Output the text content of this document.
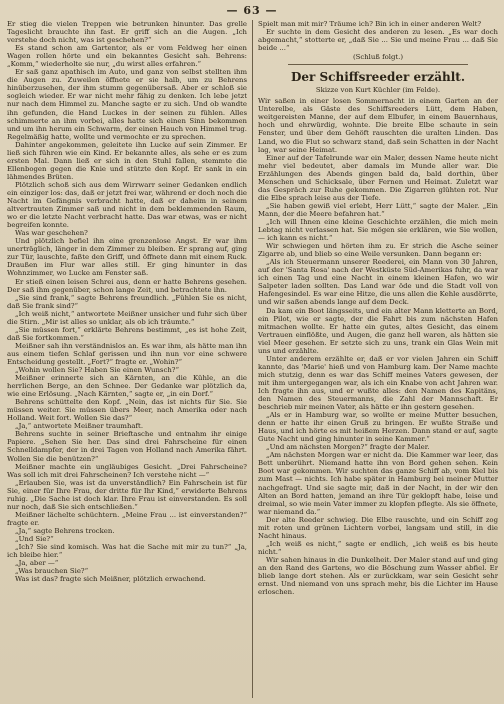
— 63 —

Er stieg die vielen Treppen wie betrunken hinunter. Das grelle Tageslicht brauchte ihn fast. Er griff sich an die Augen. „Ich verstehe doch nicht, was ist geschehen?“

Es stand schon am Gartentor, als er vom Feldweg her einen Wagen rollen hörte und ein bekanntes Gesicht sah. Behrens: „Komm,“ wiederholte sie nur, „du wirst alles erfahren.“

Er saß ganz apathisch im Auto, und ganz von selbst stellten ihm die Augen zu. Zuweilen öffnete er sie halb, um zu Behrens hinüberzusehen, der ihm stumm gegenübersaß. Aber er schloß sie sogleich wieder. Er war nicht mehr fähig zu denken. Ich lebe jetzt nur nach dem Himmel zu. Manche sagte er zu sich. Und ob wandte ihn gefunden, die Hand Luckes in der seinen zu fühlen. Alles schimmerte an ihm vorbei, alles hatte sich einen Sinn bekommen und um ihn herum ein Schwarm, der einen Hauch von Himmel trug. Regelmäßig hatte, wollte und vermochte er zu sprechen.

Dahinter angekommen, geleitete ihn Lucke auf sein Zimmer. Er ließ sich führen wie ein Kind. Er bekannte alles, als sehe er es zum ersten Mal. Dann ließ er sich in den Stuhl fallen, stemmte die Ellenbogen gegen die Knie und stützte den Kopf. Er sank in ein lähmendes Brüten.

Plötzlich schoß sich aus dem Wirrwarr seiner Gedanken endlich ein einziger los: das, daß er jetzt frei war, während er doch noch die Nacht im Gefängnis verbracht hatte, daß er daheim in seinem altvertrauten Zimmer saß und nicht in dem beklemmenden Raum, wo er die letzte Nacht verbracht hatte. Das war etwas, was er nicht begreifen konnte.

Was war geschehen?

Und plötzlich befiel ihn eine grenzenlose Angst. Er war ihm unerträglich, länger in dem Zimmer zu bleiben. Er sprang auf, ging zur Tür, lauschte, faßte den Griff, und öffnete dann mit einem Ruck. Draußen im Flur war alles still. Er ging hinunter in das Wohnzimmer, wo Lucke am Fenster saß.

Er stieß einen leisen Schrei aus, denn er hatte Behrens gesehen. Der saß ihm gegenüber, schon lange Zeit, und betrachtete ihn.

„Sie sind frank,“ sagte Behrens freundlich. „Fühlen Sie es nicht, daß Sie frank sind?“

„Ich weiß nicht,“ antwortete Meißner unsicher und fuhr sich über die Stirn. „Mir ist alles so unklar, als ob ich träumte.“

„Sie müssen fort,“ erklärte Behrens bestimmt, „es ist hohe Zeit, daß Sie fortkommen.“

Meißner sah ihn verständnislos an. Es war ihm, als hätte man ihn aus einem tiefen Schlaf gerissen und ihn nun vor eine schwere Entscheidung gestellt. „Fort?“ fragte er. „Wohin?“

„Wohin wollen Sie? Haben Sie einen Wunsch?“

Meißner erinnerte sich an Kärnten, an die Kühle, an die herrlichen Berge, an den Schnee. Der Gedanke war plötzlich da, wie eine Erlösung. „Nach Kärnten,“ sagte er, „in ein Dorf.“

Behrens schüttelte den Kopf. „Nein, das ist nichts für Sie. Sie müssen weiter. Sie müssen übers Meer, nach Amerika oder nach Holland. Weit fort. Wollen Sie das?“

„Ja,“ antwortete Meißner traumhaft.

Behrens suchte in seiner Brieftasche und entnahm ihr einige Papiere. „Sehen Sie her. Das sind drei Fahrscheine für einen Schnelldampfer, der in drei Tagen von Holland nach Amerika fährt. Wollen Sie die benützen?“

Meißner machte ein ungläubiges Gesicht. „Drei Fahrscheine? Was soll ich mit drei Fahrscheinen? Ich verstehe nicht —“

„Erlauben Sie, was ist da unverständlich? Ein Fahrschein ist für Sie, einer für Ihre Frau, der dritte für Ihr Kind,“ erwiderte Behrens ruhig. „Die Sache ist doch klar. Ihre Frau ist einverstanden. Es soll nur noch, daß Sie sich entschließen.“

Meißner lächelte schüchtern. „Meine Frau ... ist einverstanden?“ fragte er.

„Ja,“ sagte Behrens trocken.

„Und Sie?“

„Ich? Sie sind komisch. Was hat die Sache mit mir zu tun?“ „Ja, ich bleibe hier.“

„Ja, aber —“

„Was brauchen Sie?“

Was ist das? fragte sich Meißner, plötzlich erwachend.

Spielt man mit mir? Träume ich? Bin ich in einer anderen Welt?

Er suchte in dem Gesicht des anderen zu lesen. „Es war doch abgemacht,“ stotterte er, „daß Sie ... Sie und meine Frau ... daß Sie beide ...“

(Schluß folgt.)
Der Schiffsreeder erzählt.
Skizze von Kurt Küchler (im Felde).

Wir saßen in einer losen Sommernacht in einem Garten an der Unterelbe, als Gäste des Schiffsreeders Lütt, dem Haben, weitgereisten Manne, der auf dem Elbufer, in einem Bauernhaus, hoch und ehrwürdig, wohnte. Die breite Elbe schaute in sein Fenster, und über dem Gehöft rauschten die uralten Linden. Das Land, wo die Flut so schwarz stand, daß sein Schatten in der Nacht lag, war seine Heimat.

Einer auf der Tafelrunde war ein Maler, dessen Name heute nicht mehr viel bedeutet, aber damals im Munde aller war. Die Erzählungen des Abends gingen bald da, bald dorthin, über Menschen und Schicksale, über Fernen und Heimat. Zuletzt war das Gespräch zur Ruhe gekommen. Die Zigarren glühten rot. Nur die Elbe sprach leise aus der Tiefe.

„Sie haben gewiß viel erlebt, Herr Lütt,“ sagte der Maler. „Ein Mann, der die Meere befahren hat.“

„Ich will Ihnen eine kleine Geschichte erzählen, die mich mein Lebtag nicht verlassen hat. Sie mögen sie erklären, wie Sie wollen, — ich kann es nicht.“

Wir schwiegen und hörten ihm zu. Er strich die Asche seiner Zigarre ab, und blieb so eine Weile versunken. Dann begann er:

„Als ich Steuermann unserer Reederei, ein Mann von 30 Jahren, auf der 'Santa Rosa' nach der Westküste Süd-Amerikas fuhr, da war ich einen Tag und eine Nacht in einem kleinen Hafen, wo wir Salpeter laden sollten. Das Land war öde und die Stadt voll von Hafengesindel. Es war eine Hitze, die uns allen die Kehle ausdörrte, und wir saßen abends lange auf dem Deck.

Da kam ein Boot längsseits, und ein alter Mann kletterte an Bord, ein Pilot, wie er sagte, der die Fahrt bis zum nächsten Hafen mitmachen wollte. Er hatte ein gutes, altes Gesicht, das einem Vertrauen einflößte, und Augen, die ganz hell waren, als hätten sie viel Meer gesehen. Er setzte sich zu uns, trank ein Glas Wein mit uns und erzählte.

Unter anderem erzählte er, daß er vor vielen Jahren ein Schiff kannte, das 'Marie' hieß und von Hamburg kam. Der Name machte mich stutzig, denn es war das Schiff meines Vaters gewesen, der mit ihm untergegangen war, als ich ein Knabe von acht Jahren war. Ich fragte ihn aus, und er wußte alles: den Namen des Kapitäns, den Namen des Steuermanns, die Zahl der Mannschaft. Er beschrieb mir meinen Vater, als hätte er ihn gestern gesehen.

„Als er in Hamburg war, so wollte er meine Mutter besuchen, denn er hatte ihr einen Gruß zu bringen. Er wußte Straße und Haus, und ich hörte es mit heißem Herzen. Dann stand er auf, sagte Gute Nacht und ging hinunter in seine Kammer.“

„Und am nächsten Morgen?“ fragte der Maler.

„Am nächsten Morgen war er nicht da. Die Kammer war leer, das Bett unberührt. Niemand hatte ihn von Bord gehen sehen. Kein Boot war gekommen. Wir suchten das ganze Schiff ab, vom Kiel bis zum Mast — nichts. Ich habe später in Hamburg bei meiner Mutter nachgefragt. Und sie sagte mir, daß in der Nacht, in der wir den Alten an Bord hatten, jemand an ihre Tür geklopft habe, leise und dreimal, so wie mein Vater immer zu klopfen pflegte. Als sie öffnete, war niemand da.“

Der alte Reeder schwieg. Die Elbe rauschte, und ein Schiff zog mit roten und grünen Lichtern vorbei, langsam und still, in die Nacht hinaus.

„Ich weiß es nicht,“ sagte er endlich, „ich weiß es bis heute nicht.“

Wir sahen hinaus in die Dunkelheit. Der Maler stand auf und ging an den Rand des Gartens, wo die Böschung zum Wasser abfiel. Er blieb lange dort stehen. Als er zurückkam, war sein Gesicht sehr ernst. Und niemand von uns sprach mehr, bis die Lichter im Hause erloschen.
